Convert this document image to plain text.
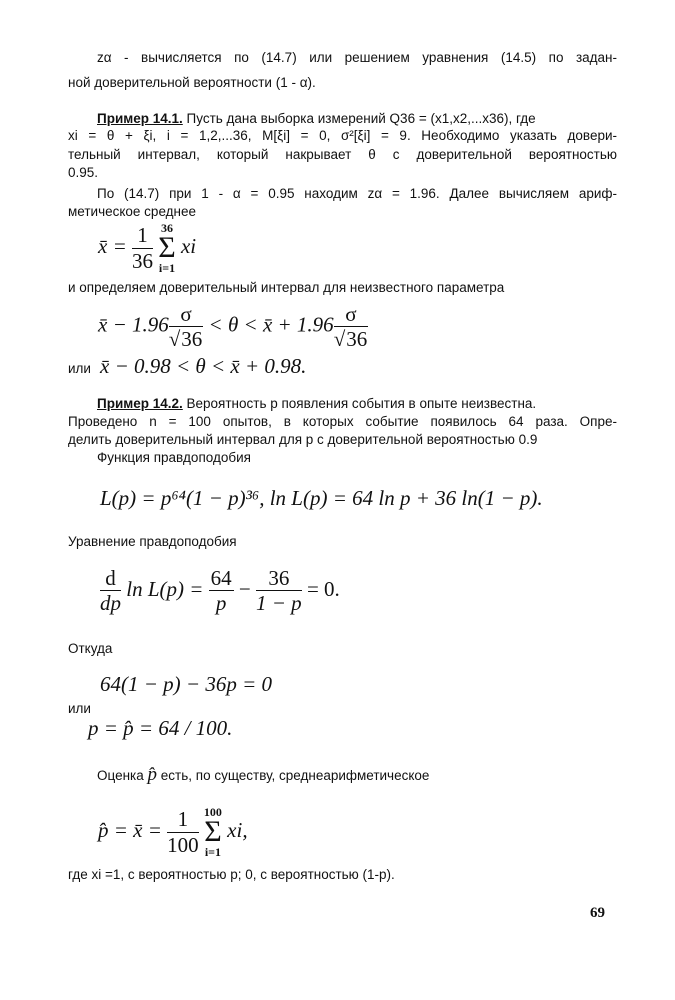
zα - вычисляется по (14.7) или решением уравнения (14.5) по задан-
ной доверительной вероятности (1 - α).
Пример 14.1. Пусть дана выборка измерений Q36 = (x1,x2,...x36), где
xi = θ + ξi, i = 1,2,...36, M[ξi] = 0, σ²[ξi] = 9. Необходимо указать довери-
тельный интервал, который накрывает θ с доверительной вероятностью
0.95.
По (14.7) при 1 - α = 0.95 находим zα = 1.96. Далее вычисляем ариф-
метическое среднее
x̄ = $\frac{1}{36}$
36
Σ
i=1
xi
и определяем доверительный интервал для неизвестного параметра
x̄ − $1.96 \frac{\sigma}{√36} < \theta$ < x̄ + $1.96 \frac{\sigma}{√36}$
или x̄ − 0.98 < θ < x̄ + 0.98.
Пример 14.2. Вероятность p появления события в опыте неизвестна.
Проведено n = 100 опытов, в которых событие появилось 64 раза. Опре-
делить доверительный интервал для p с доверительной вероятностью 0.9
Функция правдоподобия
L(p) = p⁶⁴(1 − p)³⁶, ln L(p) = 64 ln p + 36 ln(1 − p).
Уравнение правдоподобия
$\frac{d}{dp}$ $\ln L(p) = \frac{64}{p} - \frac{36}{1 - p} = 0$.
Откуда
64(1 − p) − 36p = 0
или
p = p̂ = 64 / 100.
Оценка p̂ есть, по существу, среднеарифметическое
p̂ = x̄ = $\frac{1}{100}$
100
Σ
i=1
xi,
где xi =1, с вероятностью p; 0, с вероятностью (1-p).
69
